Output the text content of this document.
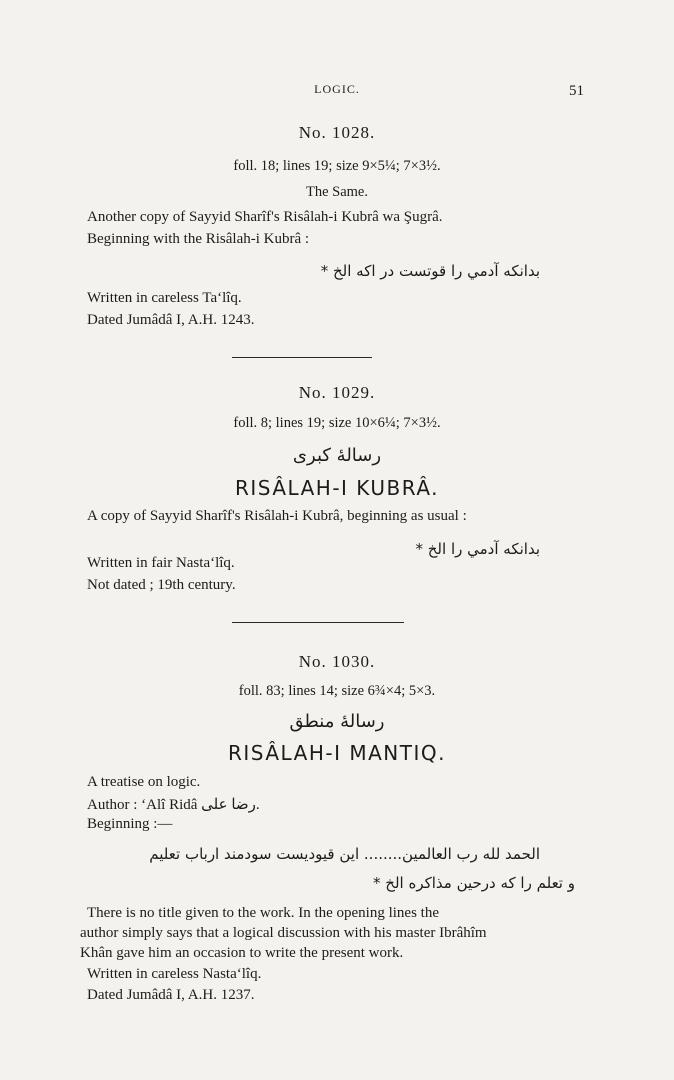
LOGIC.	51
No. 1028.
foll. 18; lines 19; size 9×5¼; 7×3½.
The Same.
Another copy of Sayyid Sharîf's Risâlah-i Kubrâ wa Şugrâ.
Beginning with the Risâlah-i Kubrâ :
بدانکه آدمي را قوتست در اکه الخ *
Written in careless Ta‘lîq.
Dated Jumâdâ I, A.H. 1243.
No. 1029.
foll. 8; lines 19; size 10×6¼; 7×3½.
رسالهٔ کبری
RISÂLAH-I KUBRÂ.
A copy of Sayyid Sharîf's Risâlah-i Kubrâ, beginning as usual :
بدانکه آدمي را الخ *
Written in fair Nasta‘lîq.
Not dated ; 19th century.
No. 1030.
foll. 83; lines 14; size 6¾×4; 5×3.
رسالهٔ منطق
RISÂLAH-I MANTIQ.
A treatise on logic.
Author : ‘Alî Ridâ رضا علی.
Beginning :—
الحمد لله رب العالمين........ اين قيوديست سودمند ارباب تعليم
و تعلم را که درحين مذاکره الخ *
There is no title given to the work. In the opening lines the
author simply says that a logical discussion with his master Ibrâhîm
Khân gave him an occasion to write the present work.
Written in careless Nasta‘lîq.
Dated Jumâdâ I, A.H. 1237.
